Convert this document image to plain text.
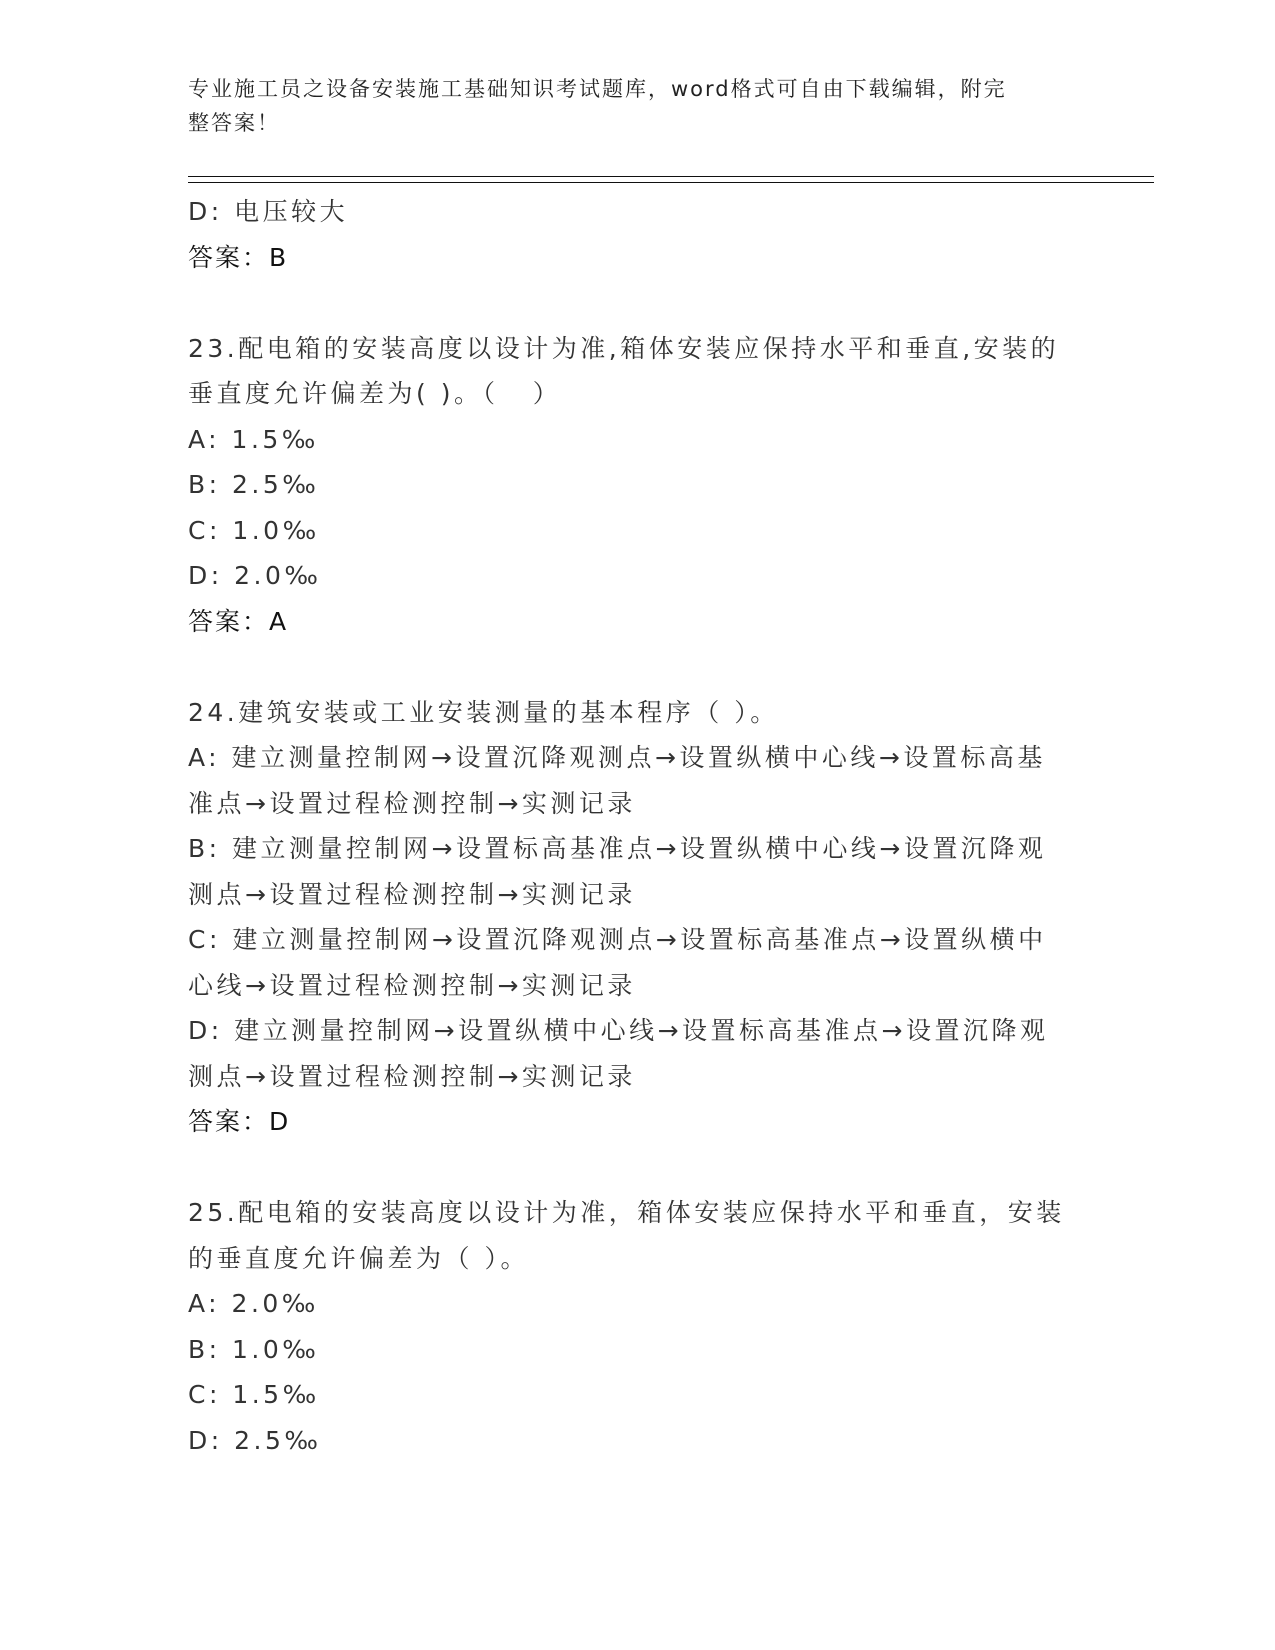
专业施工员之设备安装施工基础知识考试题库，word格式可自由下载编辑，附完
整答案！
D: 电压较大
答案：B
23.配电箱的安装高度以设计为准,箱体安装应保持水平和垂直,安装的
垂直度允许偏差为( )。（   ）
A: 1.5‰
B: 2.5‰
C: 1.0‰
D: 2.0‰
答案：A
24.建筑安装或工业安装测量的基本程序（ ）。
A: 建立测量控制网→设置沉降观测点→设置纵横中心线→设置标高基
准点→设置过程检测控制→实测记录
B: 建立测量控制网→设置标高基准点→设置纵横中心线→设置沉降观
测点→设置过程检测控制→实测记录
C: 建立测量控制网→设置沉降观测点→设置标高基准点→设置纵横中
心线→设置过程检测控制→实测记录
D: 建立测量控制网→设置纵横中心线→设置标高基准点→设置沉降观
测点→设置过程检测控制→实测记录
答案：D
25.配电箱的安装高度以设计为准，箱体安装应保持水平和垂直，安装
的垂直度允许偏差为（ ）。
A: 2.0‰
B: 1.0‰
C: 1.5‰
D: 2.5‰
